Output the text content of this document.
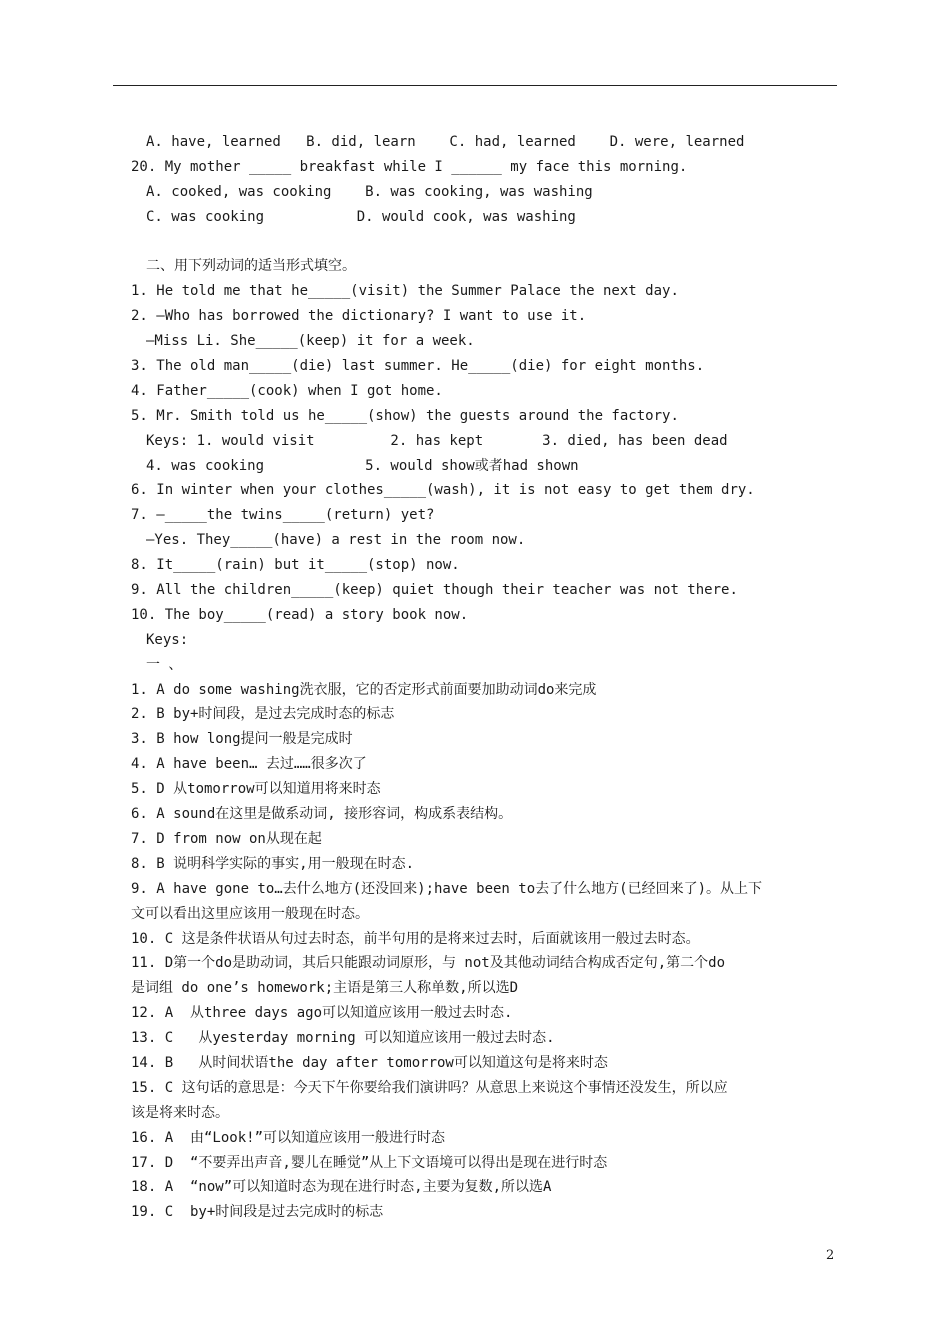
A. have, learned   B. did, learn    C. had, learned    D. were, learned
20. My mother _____ breakfast while I ______ my face this morning.
A. cooked, was cooking    B. was cooking, was washing
C. was cooking           D. would cook, was washing
二、用下列动词的适当形式填空。
1. He told me that he_____(visit) the Summer Palace the next day.
2. —Who has borrowed the dictionary? I want to use it.
—Miss Li. She_____(keep) it for a week.
3. The old man_____(die) last summer. He_____(die) for eight months.
4. Father_____(cook) when I got home.
5. Mr. Smith told us he_____(show) the guests around the factory.
Keys: 1. would visit         2. has kept       3. died, has been dead
4. was cooking            5. would show或者had shown
6. In winter when your clothes_____(wash), it is not easy to get them dry.
7. —_____the twins_____(return) yet?
—Yes. They_____(have) a rest in the room now.
8. It_____(rain) but it_____(stop) now.
9. All the children_____(keep) quiet though their teacher was not there.
10. The boy_____(read) a story book now.
Keys:
一 、
1. A do some washing洗衣服，它的否定形式前面要加助动词do来完成
2. B by+时间段，是过去完成时态的标志
3. B how long提问一般是完成时
4. A have been… 去过……很多次了
5. D 从tomorrow可以知道用将来时态
6. A sound在这里是做系动词, 接形容词，构成系表结构。
7. D from now on从现在起
8. B 说明科学实际的事实,用一般现在时态.
9. A have gone to…去什么地方(还没回来);have been to去了什么地方(已经回来了)。从上下
文可以看出这里应该用一般现在时态。
10. C 这是条件状语从句过去时态，前半句用的是将来过去时，后面就该用一般过去时态。
11. D第一个do是助动词，其后只能跟动词原形，与 not及其他动词结合构成否定句,第二个do
是词组 do one’s homework;主语是第三人称单数,所以选D
12. A  从three days ago可以知道应该用一般过去时态.
13. C   从yesterday morning 可以知道应该用一般过去时态.
14. B   从时间状语the day after tomorrow可以知道这句是将来时态
15. C 这句话的意思是：今天下午你要给我们演讲吗？从意思上来说这个事情还没发生，所以应
该是将来时态。
16. A  由“Look!”可以知道应该用一般进行时态
17. D  “不要弄出声音,婴儿在睡觉”从上下文语境可以得出是现在进行时态
18. A  “now”可以知道时态为现在进行时态,主要为复数,所以选A
19. C  by+时间段是过去完成时的标志
2
